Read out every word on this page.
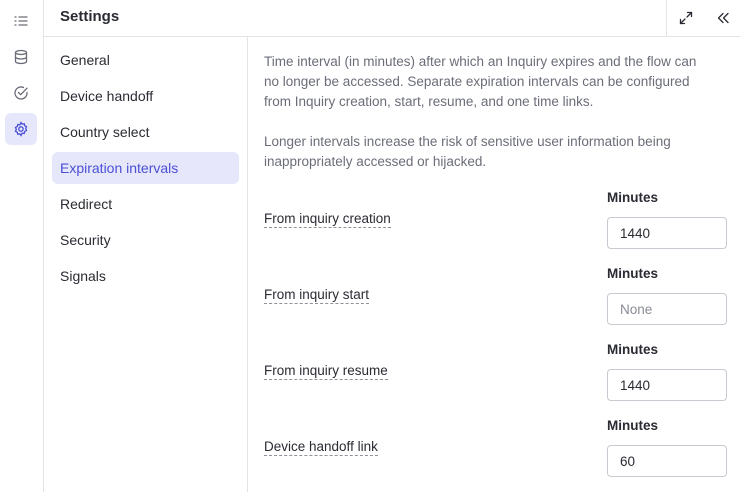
Settings
General
Device handoff
Country select
Expiration intervals
Redirect
Security
Signals
Time interval (in minutes) after which an Inquiry expires and the flow can no longer be accessed. Separate expiration intervals can be configured from Inquiry creation, start, resume, and one time links.
Longer intervals increase the risk of sensitive user information being inappropriately accessed or hijacked.
Minutes
From inquiry creation
1440
Minutes
From inquiry start
None
Minutes
From inquiry resume
1440
Minutes
Device handoff link
60
